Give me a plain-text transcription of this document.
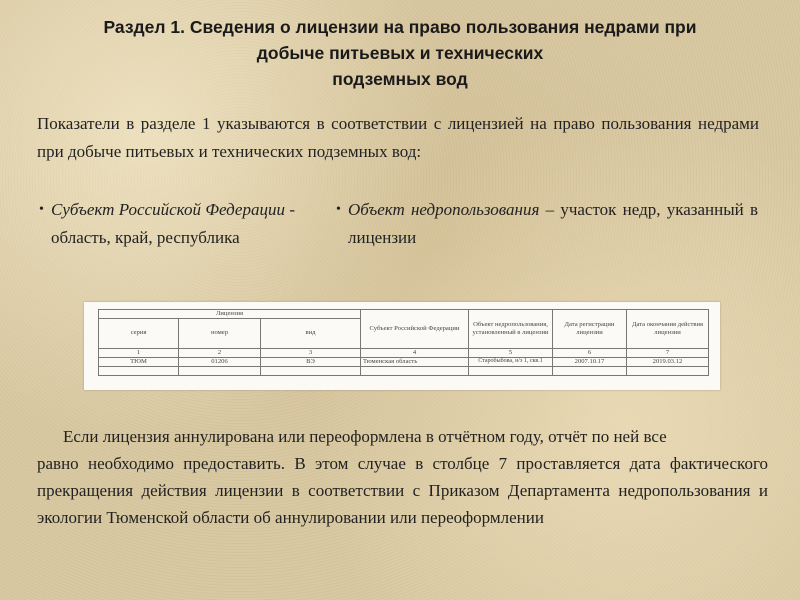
Раздел 1. Сведения о лицензии на право пользования недрами при
добыче питьевых и технических
подземных вод
Показатели в разделе 1 указываются в соответствии с лицензией на право пользования недрами при добыче питьевых и технических подземных вод:
• Субъект Российской Федерации - область, край, республика
• Объект недропользования – участок недр, указанный в лицензии
Лицензия			Субъект Российской Федерации	Объект недропользования, установленный в лицензии	Дата регистрации лицензии	Дата окончания действия лицензии
серия	номер	вид				
1	2	3	4	5	6	7
ТЮМ	01206	ВЭ	Тюменская область	Старобыбова, н/з 1, скв.1	2007.10.17	2019.03.12

Если лицензия аннулирована или переоформлена в отчётном году, отчёт по ней все
равно необходимо предоставить. В этом случае в столбце 7 проставляется дата фактического прекращения действия лицензии в соответствии с Приказом Департамента недропользования и экологии Тюменской области об аннулировании или переоформлении
